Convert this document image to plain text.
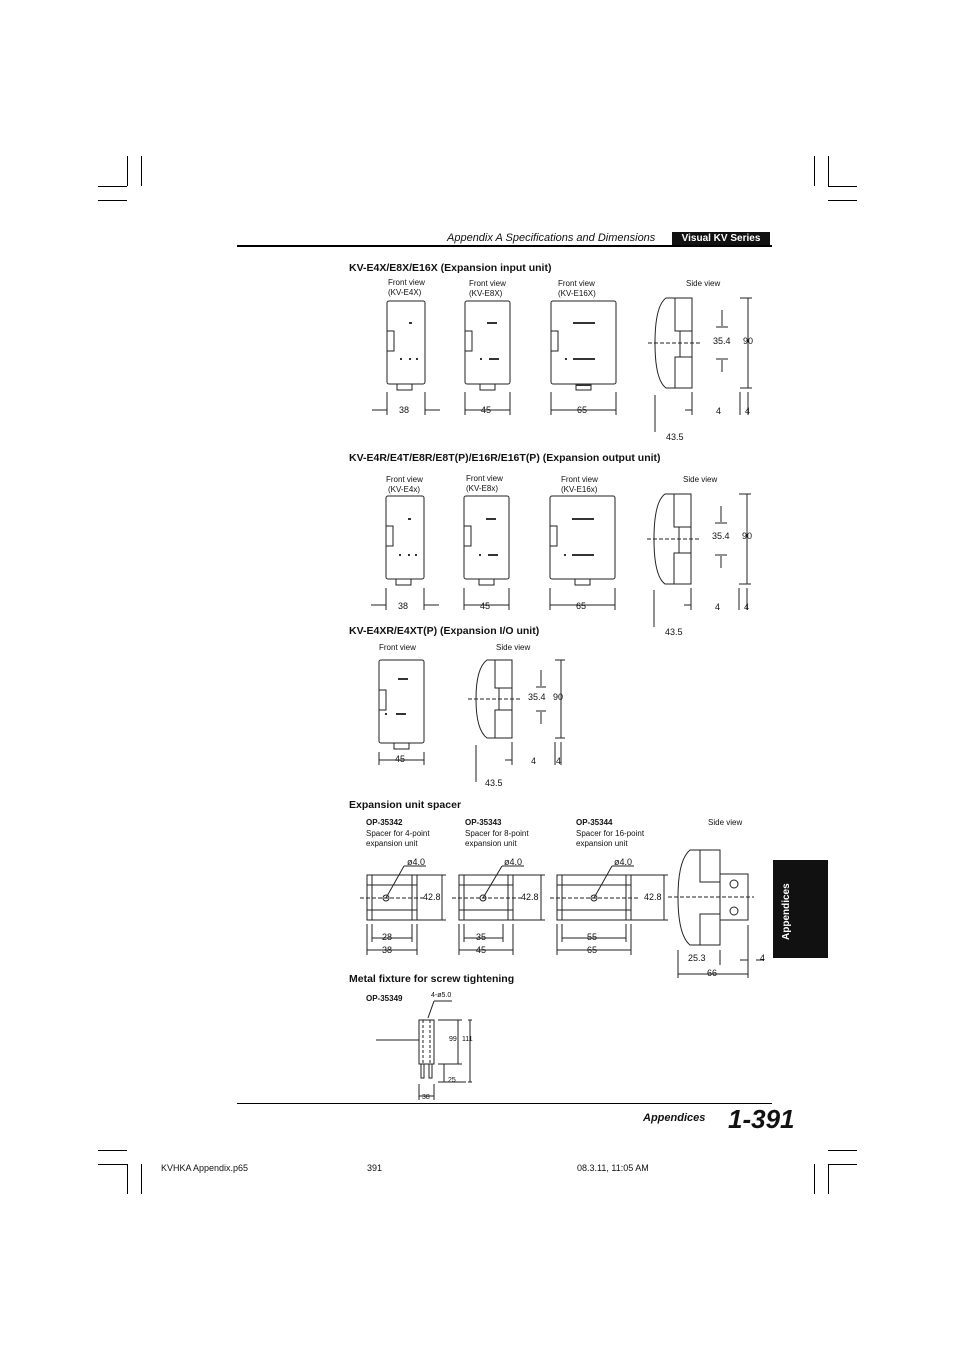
Appendix A Specifications and Dimensions	Visual KV Series
KV-E4X/E8X/E16X (Expansion input unit)
Front view
(KV-E4X)
Front view
(KV-E8X)
Front view
(KV-E16X)
Side view
38	45	65
35.4 90
4	4
43.5
KV-E4R/E4T/E8R/E8T(P)/E16R/E16T(P) (Expansion output unit)
Front view
(KV-E4x)
Front view
(KV-E8x)
Front view
(KV-E16x)
Side view
38	45	65
35.4 90
4	4
43.5
KV-E4XR/E4XT(P) (Expansion I/O unit)
Front view	Side view
45
35.4 90
4 4
43.5
Expansion unit spacer
OP-35342
Spacer for 4-point
expansion unit
OP-35343
Spacer for 8-point
expansion unit
OP-35344
Spacer for 16-point
expansion unit
Side view
ø4.0
42.8
28
38
ø4.0
42.8
35
45
ø4.0
42.8
55
65
25.3	4
66
Metal fixture for screw tightening
OP-35349	4-ø5.0
99 111
25
38
Appendices
Appendices 1-391
KVHKA Appendix.p65	391	08.3.11, 11:05 AM
